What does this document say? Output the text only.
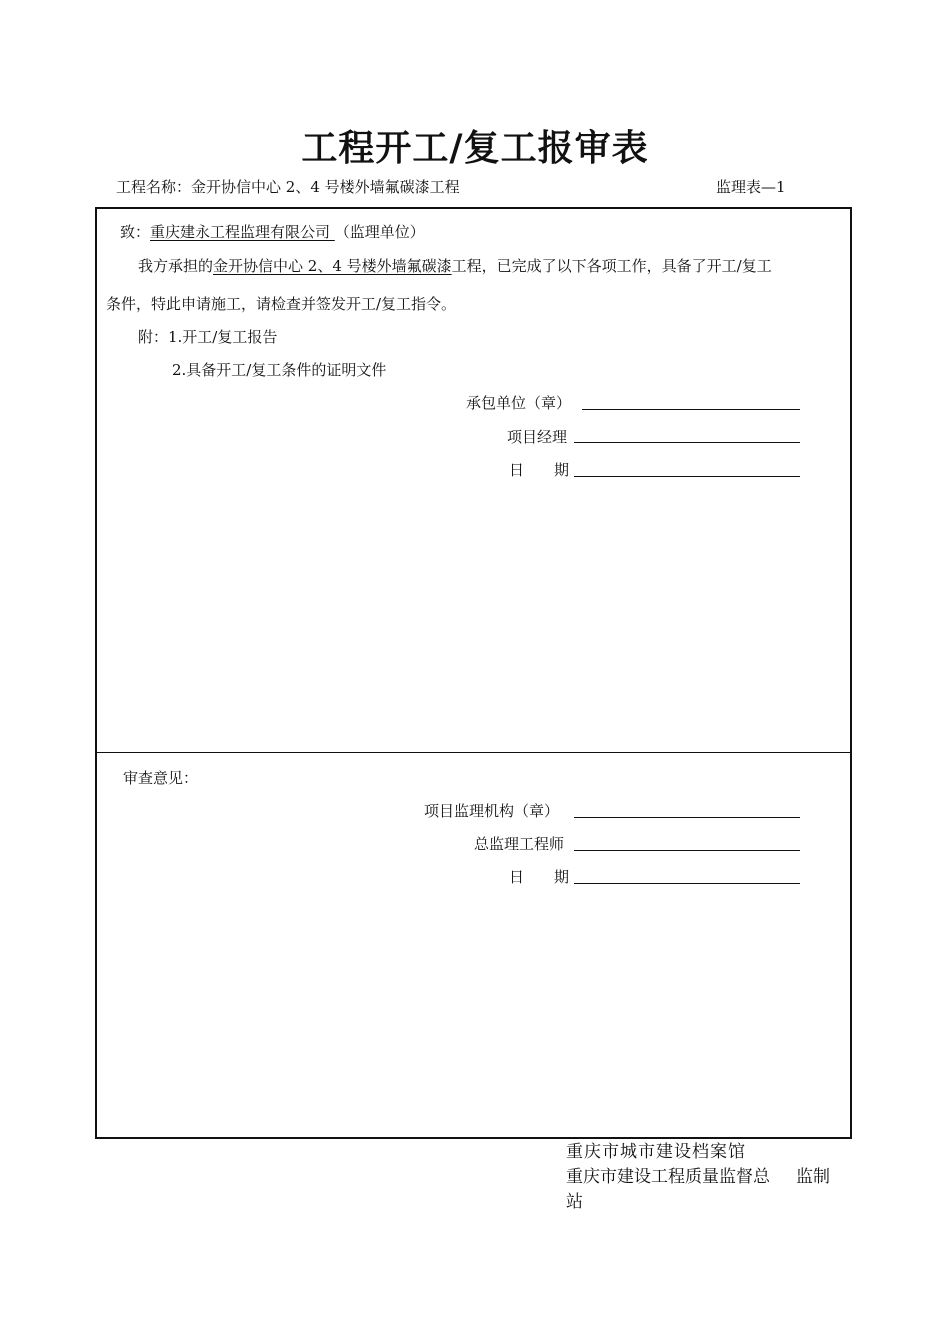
工程开工/复工报审表
工程名称：金开协信中心 2、4 号楼外墙氟碳漆工程	监理表—1
致：重庆建永工程监理有限公司 （监理单位）
我方承担的金开协信中心 2、4 号楼外墙氟碳漆工程，已完成了以下各项工作，具备了开工/复工
条件，特此申请施工，请检查并签发开工/复工指令。
附：1.开工/复工报告
2.具备开工/复工条件的证明文件
承包单位（章）
项目经理
日　　期
审查意见：
项目监理机构（章）
总监理工程师
日　　期
重庆市城市建设档案馆
重庆市建设工程质量监督总 监制
站
